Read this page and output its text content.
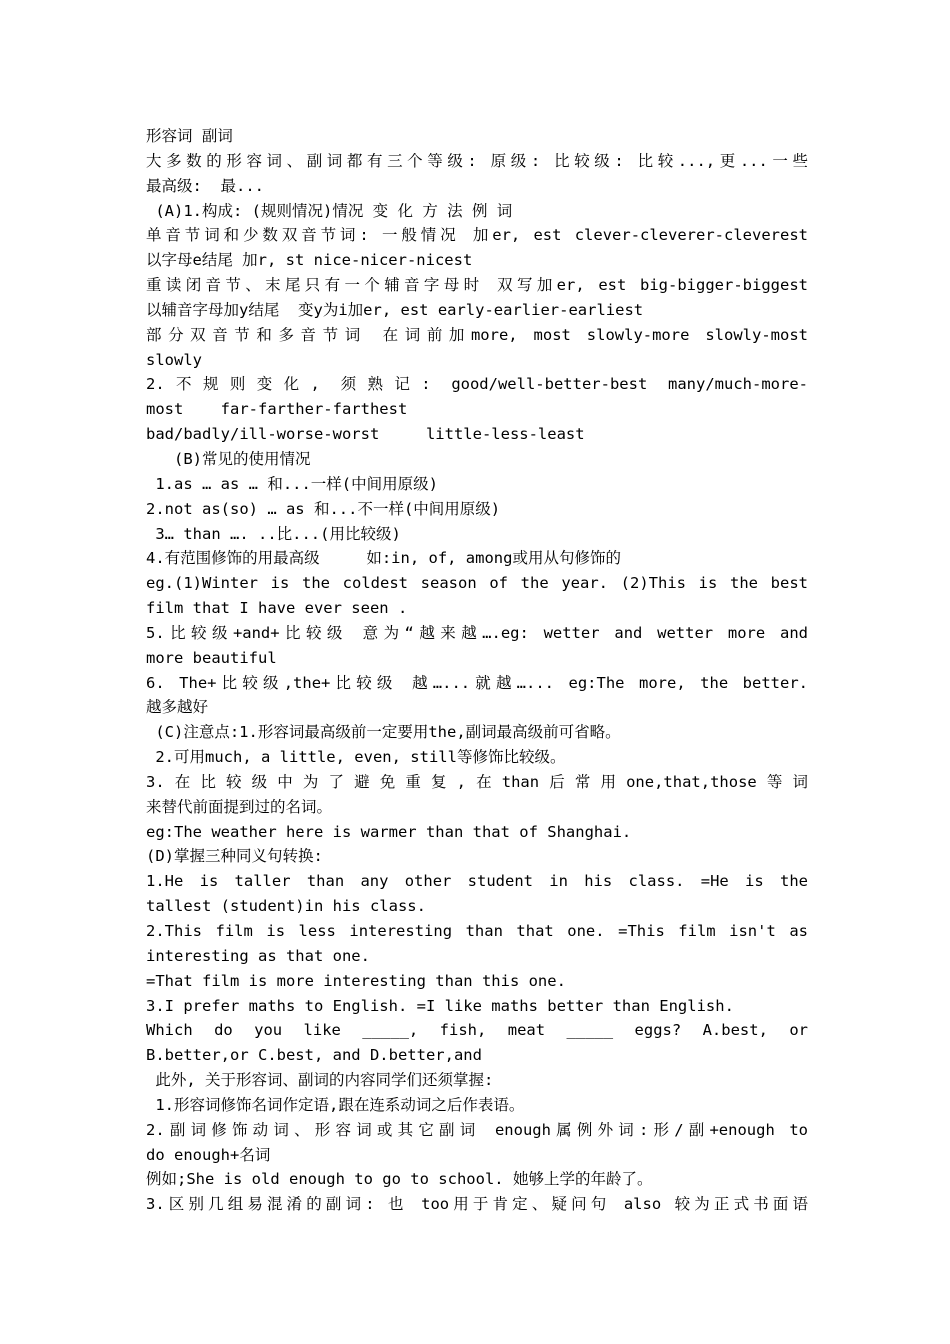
形容词 副词
大多数的形容词、副词都有三个等级: 原级: 比较级: 比较...,更...一些
最高级:  最...
(A)1.构成: (规则情况)情况 变 化 方 法 例 词
单音节词和少数双音节词: 一般情况 加er, est clever-cleverer-cleverest
以字母e结尾 加r, st nice-nicer-nicest
重读闭音节、末尾只有一个辅音字母时 双写加er, est big-bigger-biggest
以辅音字母加y结尾  变y为i加er, est early-earlier-earliest
部分双音节和多音节词 在词前加more, most slowly-more slowly-most
slowly
2.不规则变化, 须熟记: good/well-better-best many/much-more-
most    far-farther-farthest
bad/badly/ill-worse-worst     little-less-least
(B)常见的使用情况
1.as … as … 和...一样(中间用原级)
2.not as(so) … as 和...不一样(中间用原级)
3… than …. ..比...(用比较级)
4.有范围修饰的用最高级     如:in, of, among或用从句修饰的
eg.(1)Winter is the coldest season of the year. (2)This is the best
film that I have ever seen .
5.比较级+and+比较级 意为“越来越….eg: wetter and wetter more and
more beautiful
6. The+比较级,the+比较级 越…...就越…... eg:The more, the better.
越多越好
(C)注意点:1.形容词最高级前一定要用the,副词最高级前可省略。
2.可用much, a little, even, still等修饰比较级。
3.在比较级中为了避免重复,在than后常用one,that,those等词
来替代前面提到过的名词。
eg:The weather here is warmer than that of Shanghai.
(D)掌握三种同义句转换:
1.He is taller than any other student in his class. =He is the
tallest (student)in his class.
2.This film is less interesting than that one. =This film isn't as
interesting as that one.
=That film is more interesting than this one.
3.I prefer maths to English. =I like maths better than English.
Which do you like _____, fish, meat _____ eggs? A.best, or
B.better,or C.best, and D.better,and
此外, 关于形容词、副词的内容同学们还须掌握:
1.形容词修饰名词作定语,跟在连系动词之后作表语。
2.副词修饰动词、形容词或其它副词 enough属例外词:形/副+enough to
do enough+名词
例如;She is old enough to go to school. 她够上学的年龄了。
3.区别几组易混淆的副词: 也 too用于肯定、疑问句 also 较为正式书面语
